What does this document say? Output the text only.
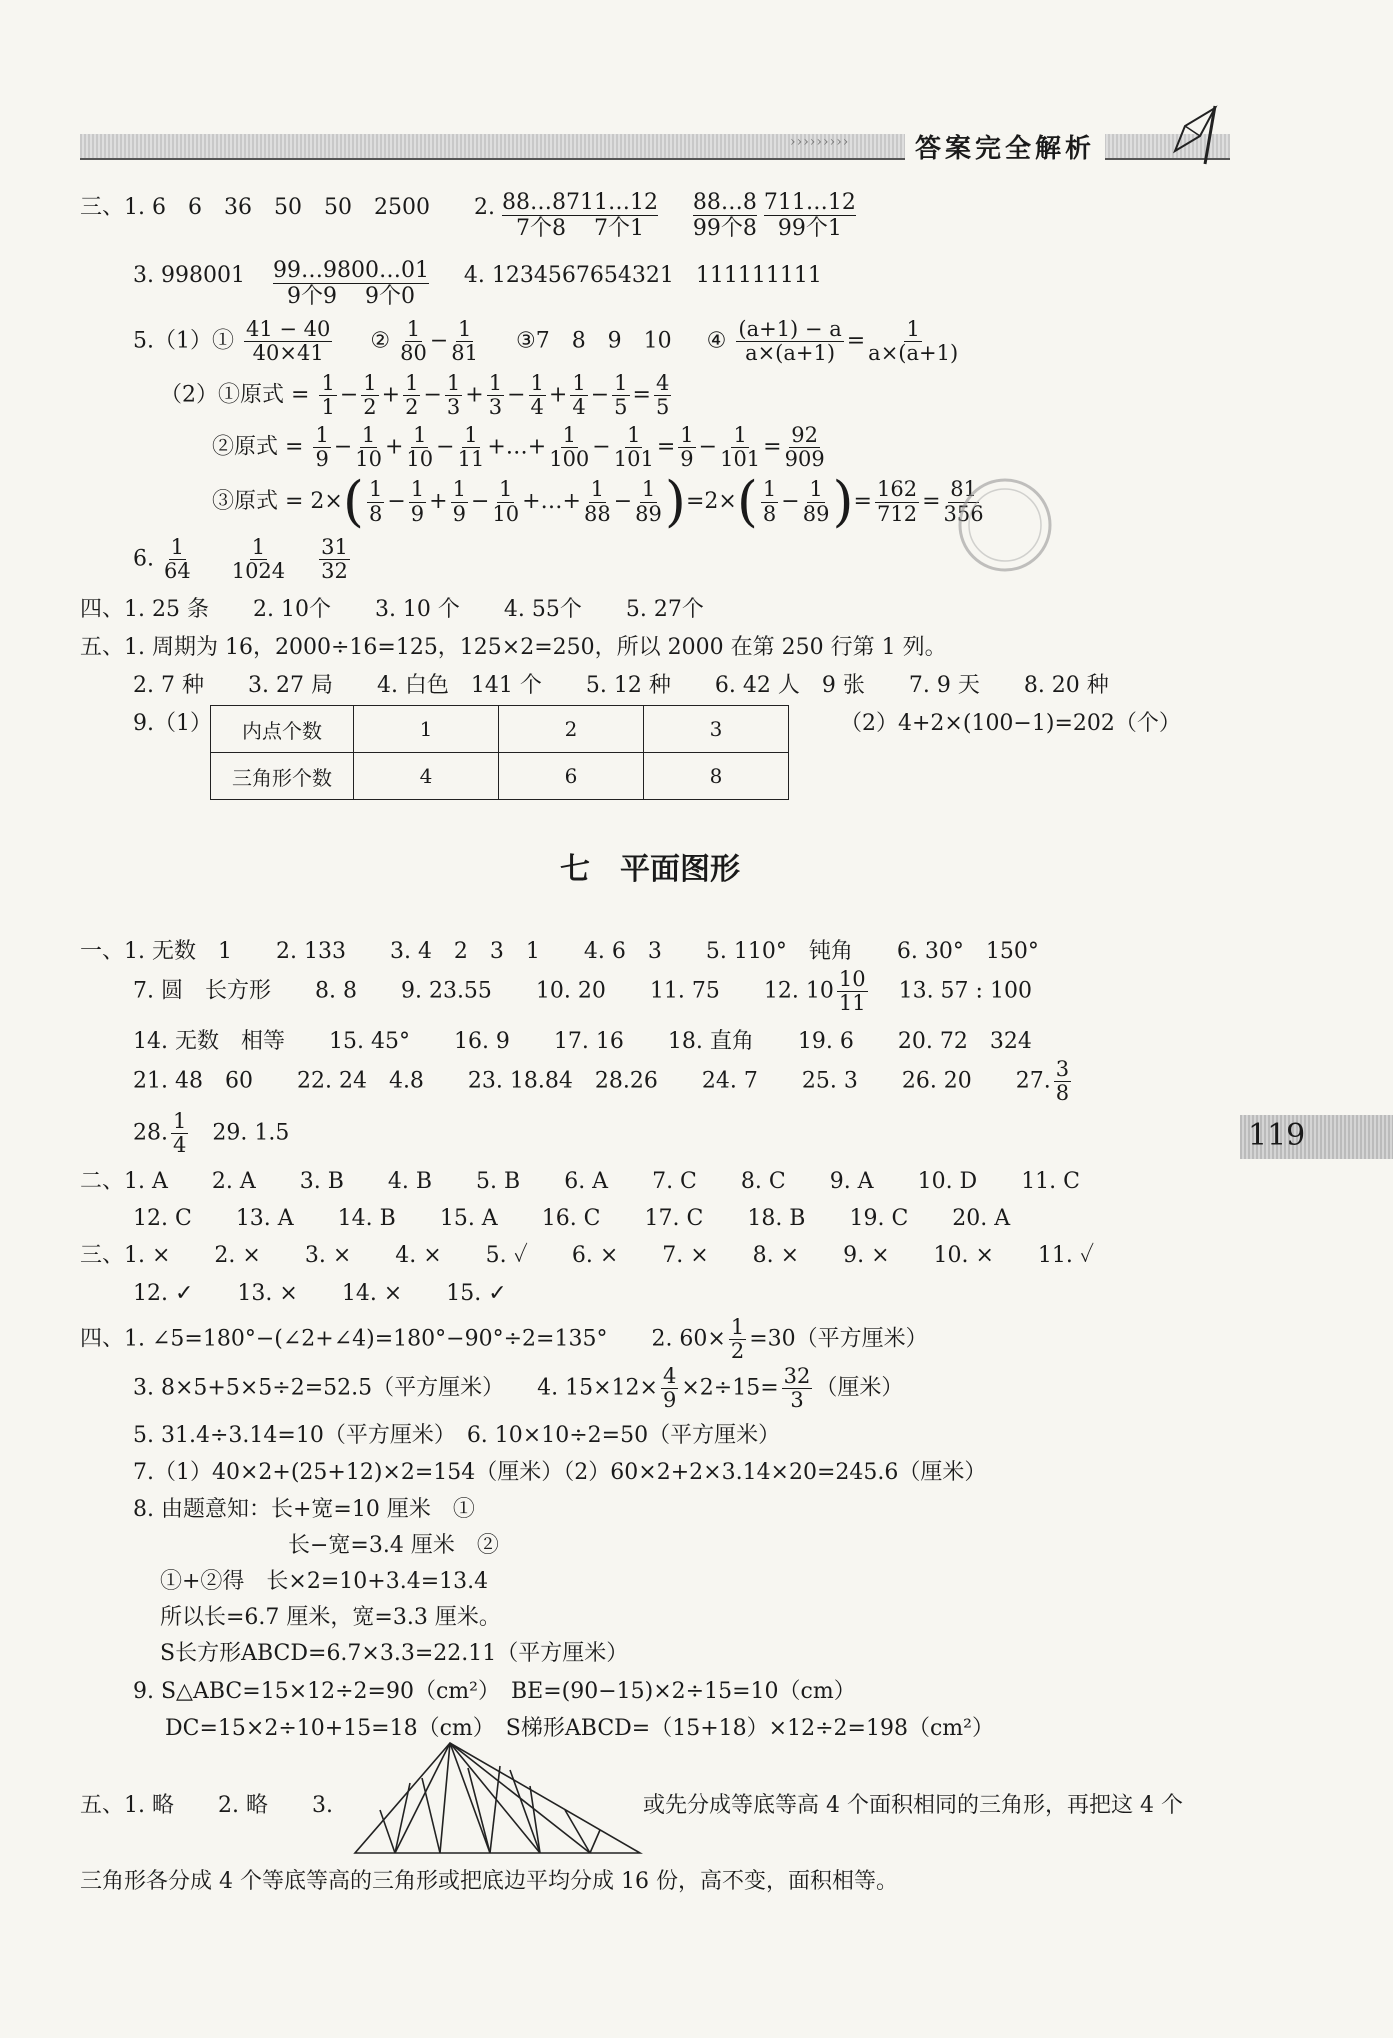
›››››››››	答案完全解析
三、1. 6　6　36　50　50　2500　　2. 88…87
7个8
11…12
7个1

88…8
99个8

711…12
99个1
3. 998001 99…98
9个9
00…01
9个0
4. 1234567654321　111111111
5.（1）① $\frac{41 - 40}{40\times 41}$ ② $\frac{1}{80} - \frac{1}{81}$ ③7　8　9　10 ④ $\frac{(a+1) - a}{a\times(a+1)} = \frac{1}{a\times(a+1)}$
（2）①原式 = $\frac{1}{1} - \frac{1}{2} + \frac{1}{2} - \frac{1}{3} + \frac{1}{3} - \frac{1}{4} + \frac{1}{4} - \frac{1}{5} = \frac{4}{5}$
②原式 = $\frac{1}{9} - \frac{1}{10} + \frac{1}{10} - \frac{1}{11}$ +…+ $\frac{1}{100} - \frac{1}{101} = \frac{1}{9} - \frac{1}{101} = \frac{92}{909}$
③原式 = $2\times( \frac{1}{8} - \frac{1}{9} + \frac{1}{9} - \frac{1}{10}$ +…+ $\frac{1}{88} - \frac{1}{89} )=2\times( \frac{1}{8} - \frac{1}{89}$ )= $\frac{162}{712} = \frac{81}{356}$
6. $\frac{1}{64}$
$\frac{1}{1024}$
$\frac{31}{32}$
四、1. 25 条　　2. 10个　　3. 10 个　　4. 55个　　5. 27个
五、1. 周期为 16，2000÷16=125，125×2=250，所以 2000 在第 250 行第 1 列。
2. 7 种　　3. 27 局　　4. 白色　141 个　　5. 12 种　　6. 42 人　9 张　　7. 9 天　　8. 20 种
9.（1） 内点个数	1	2	3
三角形个数	4	6	8
（2）4+2×(100−1)=202（个）
七　平面图形
一、1. 无数　1　　2. 133　　3. 4　2　3　1　　4. 6　3　　5. 110°　钝角　　6. 30°　150°
7. 圆　长方形　　8. 8　　9. 23.55　　10. 20　　11. 75　　12. $10 \frac{10}{11} 13$. 57 : 100
14. 无数　相等　　15. 45°　　16. 9　　17. 16　　18. 直角　　19. 6　　20. 72　324
21. 48　60　　22. 24　4.8　　23. 18.84　28.26　　24. 7　　25. 3　　26. 20　　27. $\frac{3}{8}$
28. $\frac{1}{4} 29$. 1.5	119
二、1. A　　2. A　　3. B　　4. B　　5. B　　6. A　　7. C　　8. C　　9. A　　10. D　　11. C
12. C　　13. A　　14. B　　15. A　　16. C　　17. C　　18. B　　19. C　　20. A
三、1. ×　　2. ×　　3. ×　　4. ×　　5. ✓　　6. ×　　7. ×　　8. ×　　9. ×　　10. ×　　11. ✓
12. ✓　　13. ×　　14. ×　　15. ✓
四、1. ∠5=180°−(∠2+∠4)=180°−90°÷2=135°　　2. $60\times \frac{1}{2} =30$（平方厘米）
3. 8×5+5×5÷2=52.5（平方厘米）　　4. $15\times 12\times \frac{4}{9} \times 2\div 15= \frac{32}{3}$ （厘米）
5. 31.4÷3.14=10（平方厘米）　6. 10×10÷2=50（平方厘米）
7.（1）40×2+(25+12)×2=154（厘米）（2）60×2+2×3.14×20=245.6（厘米）
8. 由题意知：长+宽=10 厘米　①
长−宽=3.4 厘米　②
①+②得　长×2=10+3.4=13.4
所以长=6.7 厘米，宽=3.3 厘米。
S长方形ABCD=6.7×3.3=22.11（平方厘米）
9. S△ABC=15×12÷2=90（cm²）　BE=(90−15)×2÷15=10（cm）
DC=15×2÷10+15=18（cm）　S梯形ABCD=（15+18）×12÷2=198（cm²）
五、1. 略　　2. 略　　3.	或先分成等底等高 4 个面积相同的三角形，再把这 4 个
三角形各分成 4 个等底等高的三角形或把底边平均分成 16 份，高不变，面积相等。
